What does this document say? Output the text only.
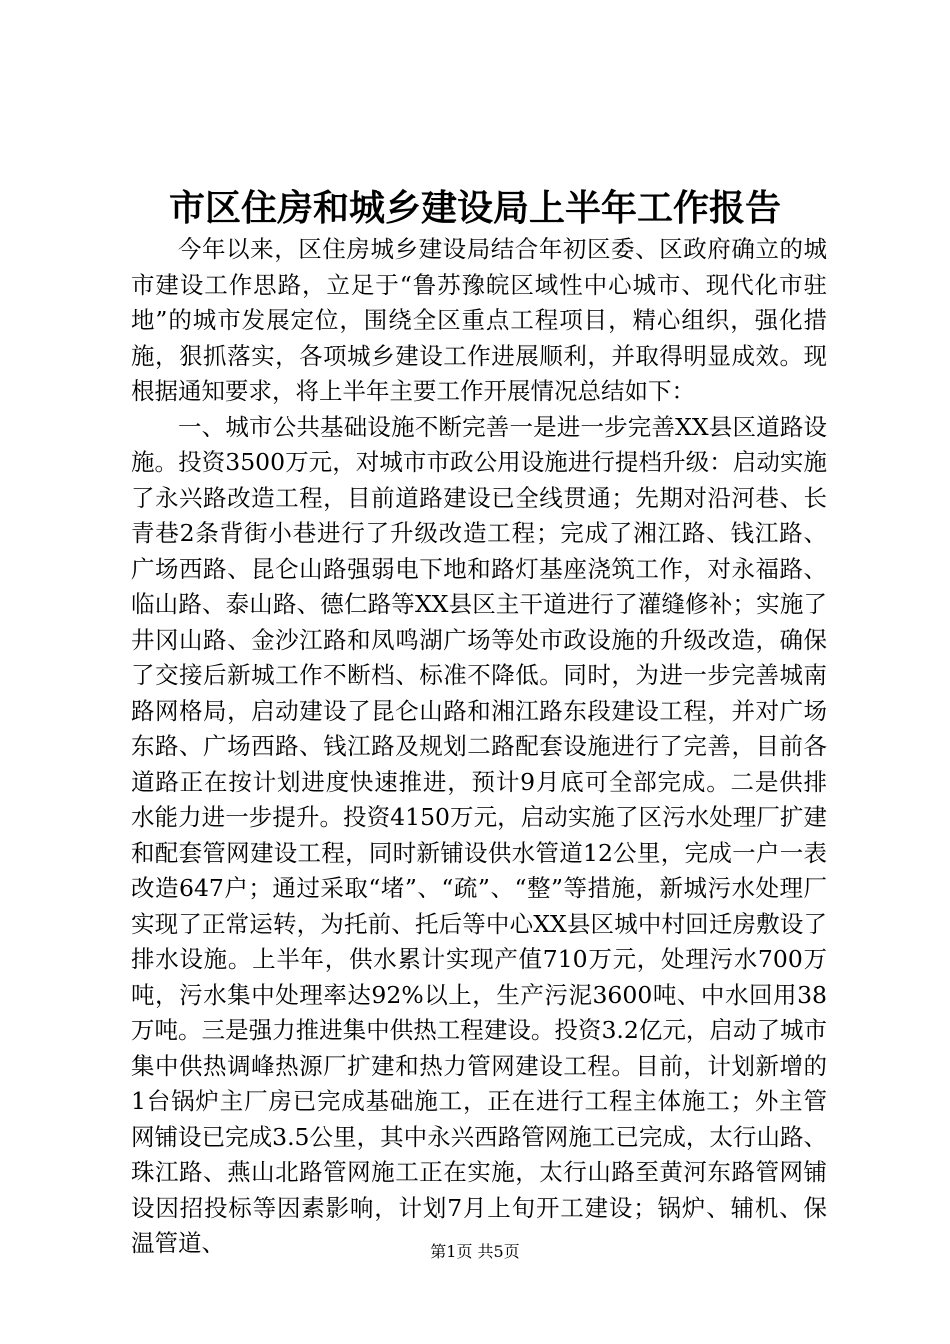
市区住房和城乡建设局上半年工作报告

今年以来，区住房城乡建设局结合年初区委、区政府确立的城市建设工作思路，立足于“鲁苏豫皖区域性中心城市、现代化市驻地”的城市发展定位，围绕全区重点工程项目，精心组织，强化措施，狠抓落实，各项城乡建设工作进展顺利，并取得明显成效。现根据通知要求，将上半年主要工作开展情况总结如下：

一、城市公共基础设施不断完善一是进一步完善XX县区道路设施。投资3500万元，对城市市政公用设施进行提档升级：启动实施了永兴路改造工程，目前道路建设已全线贯通；先期对沿河巷、长青巷2条背街小巷进行了升级改造工程；完成了湘江路、钱江路、广场西路、昆仑山路强弱电下地和路灯基座浇筑工作，对永福路、临山路、泰山路、德仁路等XX县区主干道进行了灌缝修补；实施了井冈山路、金沙江路和凤鸣湖广场等处市政设施的升级改造，确保了交接后新城工作不断档、标准不降低。同时，为进一步完善城南路网格局，启动建设了昆仑山路和湘江路东段建设工程，并对广场东路、广场西路、钱江路及规划二路配套设施进行了完善，目前各道路正在按计划进度快速推进，预计9月底可全部完成。二是供排水能力进一步提升。投资4150万元，启动实施了区污水处理厂扩建和配套管网建设工程，同时新铺设供水管道12公里，完成一户一表改造647户；通过采取“堵”、“疏”、“整”等措施，新城污水处理厂实现了正常运转，为托前、托后等中心XX县区城中村回迁房敷设了排水设施。上半年，供水累计实现产值710万元，处理污水700万吨，污水集中处理率达92%以上，生产污泥3600吨、中水回用38万吨。三是强力推进集中供热工程建设。投资3.2亿元，启动了城市集中供热调峰热源厂扩建和热力管网建设工程。目前，计划新增的1台锅炉主厂房已完成基础施工，正在进行工程主体施工；外主管网铺设已完成3.5公里，其中永兴西路管网施工已完成，太行山路、珠江路、燕山北路管网施工正在实施，太行山路至黄河东路管网铺设因招投标等因素影响，计划7月上旬开工建设；锅炉、辅机、保温管道、	第1页 共5页
